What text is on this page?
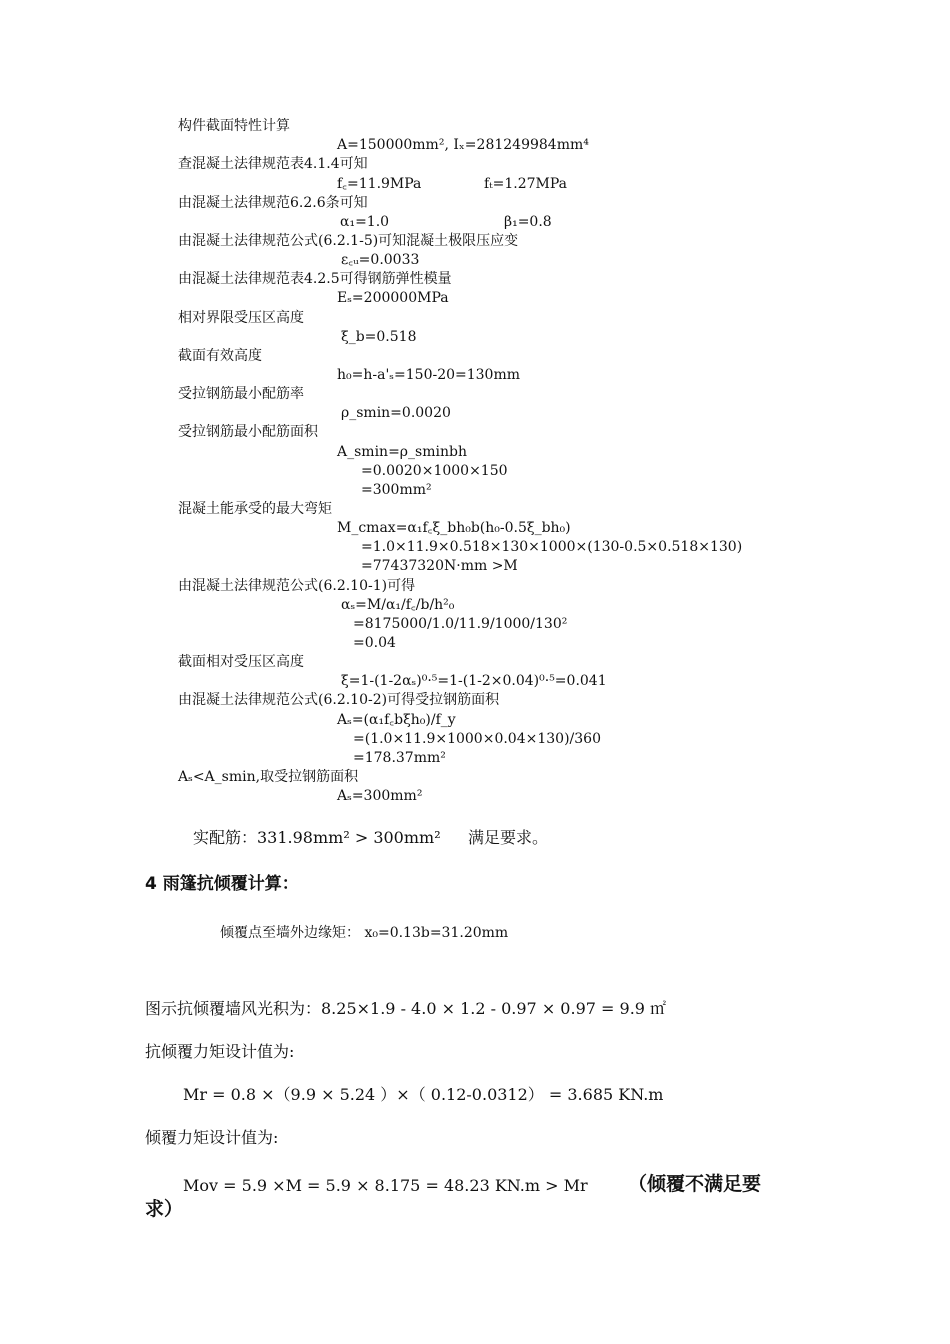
构件截面特性计算
A=150000mm², Iₓ=281249984mm⁴
查混凝土法律规范表4.1.4可知
f꜀=11.9MPa	fₜ=1.27MPa
由混凝土法律规范6.2.6条可知
α₁=1.0	β₁=0.8
由混凝土法律规范公式(6.2.1-5)可知混凝土极限压应变
ε꜀ᵤ=0.0033
由混凝土法律规范表4.2.5可得钢筋弹性模量
Eₛ=200000MPa
相对界限受压区高度
ξ_b=0.518
截面有效高度
h₀=h-a'ₛ=150-20=130mm
受拉钢筋最小配筋率
ρ_smin=0.0020
受拉钢筋最小配筋面积
A_smin=ρ_sminbh
=0.0020×1000×150
=300mm²
混凝土能承受的最大弯矩
M_cmax=α₁f꜀ξ_bh₀b(h₀-0.5ξ_bh₀)
=1.0×11.9×0.518×130×1000×(130-0.5×0.518×130)
=77437320N·mm >M
由混凝土法律规范公式(6.2.10-1)可得
αₛ=M/α₁/f꜀/b/h²₀
=8175000/1.0/11.9/1000/130²
=0.04
截面相对受压区高度
ξ=1-(1-2αₛ)⁰·⁵=1-(1-2×0.04)⁰·⁵=0.041
由混凝土法律规范公式(6.2.10-2)可得受拉钢筋面积
Aₛ=(α₁f꜀bξh₀)/f_y
=(1.0×11.9×1000×0.04×130)/360
=178.37mm²
Aₛ<A_smin,取受拉钢筋面积
Aₛ=300mm²
实配筋：331.98mm² > 300mm² 满足要求。
4 雨篷抗倾覆计算：
倾覆点至墙外边缘矩： x₀=0.13b=31.20mm
图示抗倾覆墙风光积为：8.25×1.9 - 4.0 × 1.2 - 0.97 × 0.97 = 9.9 ㎡
抗倾覆力矩设计值为:
Mr = 0.8 ×（9.9 × 5.24 ）×（ 0.12-0.0312） = 3.685 KN.m
倾覆力矩设计值为:
Mov = 5.9 ×M = 5.9 × 8.175 = 48.23 KN.m > Mr （倾覆不满足要
求）
